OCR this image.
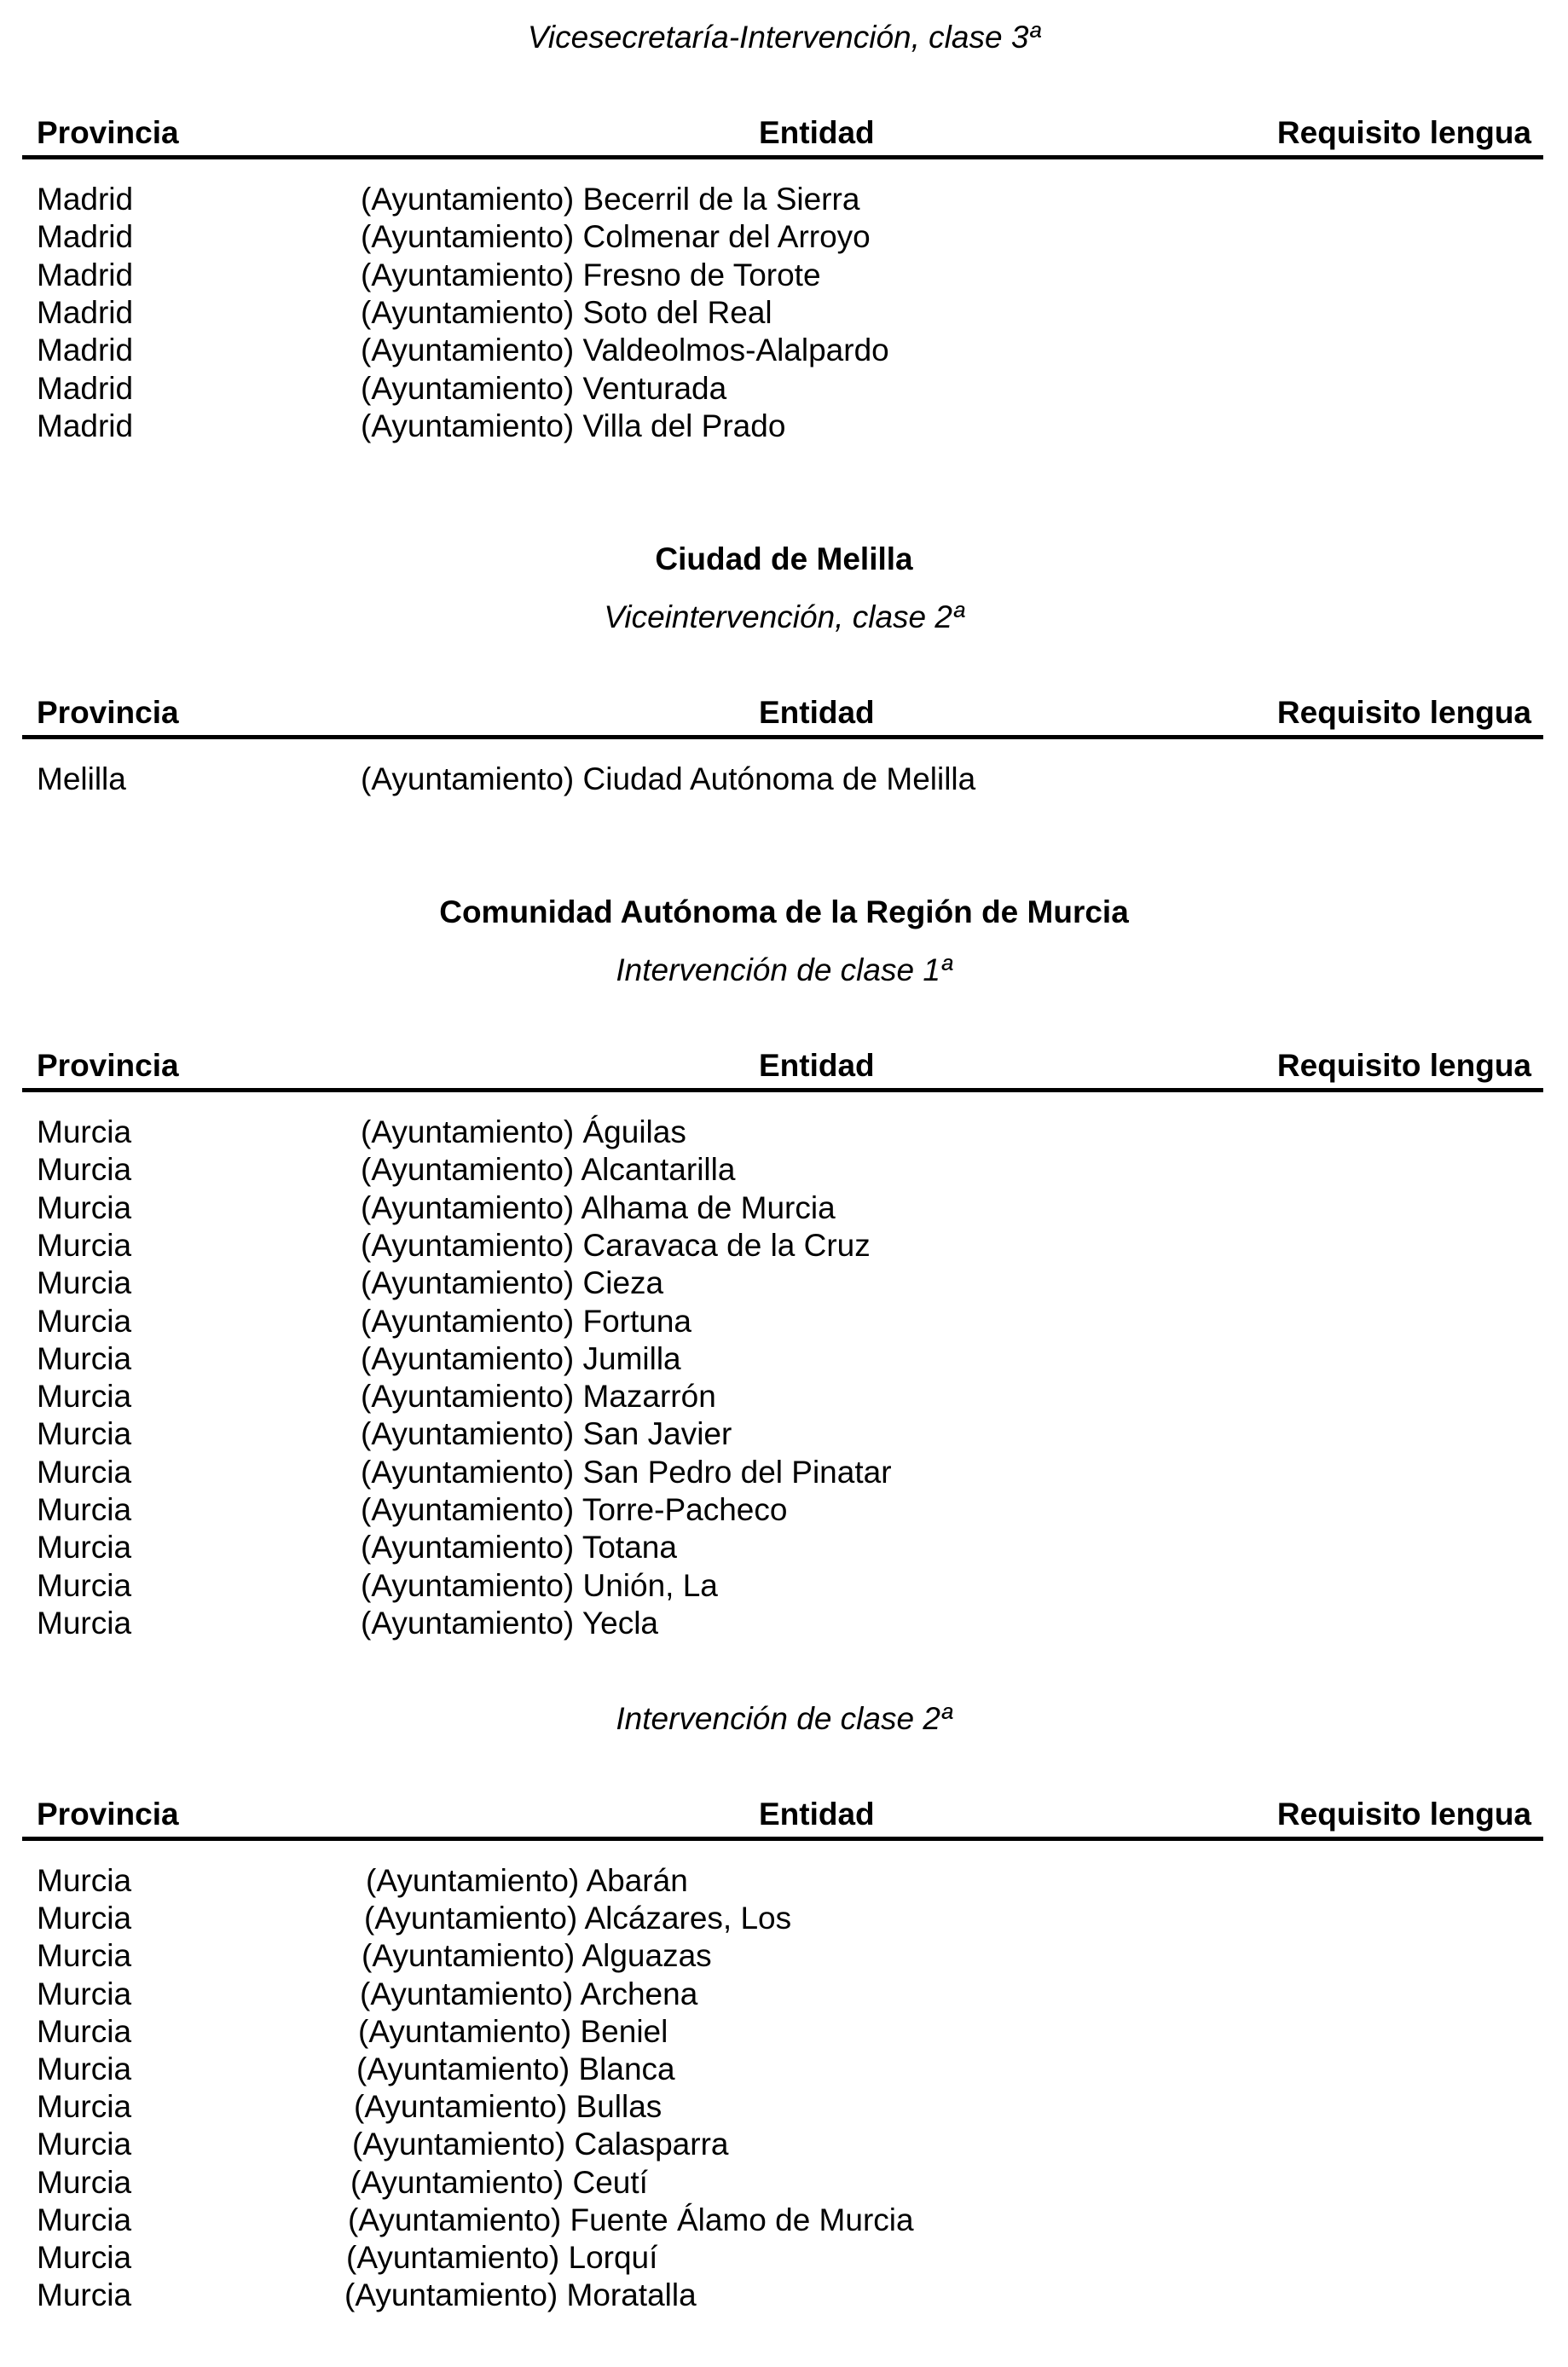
Vicesecretaría-Intervención, clase 3ª
Provincia	Entidad	Requisito lengua
Madrid	(Ayuntamiento) Becerril de la Sierra
Madrid	(Ayuntamiento) Colmenar del Arroyo
Madrid	(Ayuntamiento) Fresno de Torote
Madrid	(Ayuntamiento) Soto del Real
Madrid	(Ayuntamiento) Valdeolmos-Alalpardo
Madrid	(Ayuntamiento) Venturada
Madrid	(Ayuntamiento) Villa del Prado
Ciudad de Melilla
Viceintervención, clase 2ª
Provincia	Entidad	Requisito lengua
Melilla	(Ayuntamiento) Ciudad Autónoma de Melilla
Comunidad Autónoma de la Región de Murcia
Intervención de clase 1ª
Provincia	Entidad	Requisito lengua
Murcia	(Ayuntamiento) Águilas
Murcia	(Ayuntamiento) Alcantarilla
Murcia	(Ayuntamiento) Alhama de Murcia
Murcia	(Ayuntamiento) Caravaca de la Cruz
Murcia	(Ayuntamiento) Cieza
Murcia	(Ayuntamiento) Fortuna
Murcia	(Ayuntamiento) Jumilla
Murcia	(Ayuntamiento) Mazarrón
Murcia	(Ayuntamiento) San Javier
Murcia	(Ayuntamiento) San Pedro del Pinatar
Murcia	(Ayuntamiento) Torre-Pacheco
Murcia	(Ayuntamiento) Totana
Murcia	(Ayuntamiento) Unión, La
Murcia	(Ayuntamiento) Yecla
Intervención de clase 2ª
Provincia	Entidad	Requisito lengua
Murcia	(Ayuntamiento) Abarán
Murcia	(Ayuntamiento) Alcázares, Los
Murcia	(Ayuntamiento) Alguazas
Murcia	(Ayuntamiento) Archena
Murcia	(Ayuntamiento) Beniel
Murcia	(Ayuntamiento) Blanca
Murcia	(Ayuntamiento) Bullas
Murcia	(Ayuntamiento) Calasparra
Murcia	(Ayuntamiento) Ceutí
Murcia	(Ayuntamiento) Fuente Álamo de Murcia
Murcia	(Ayuntamiento) Lorquí
Murcia	(Ayuntamiento) Moratalla
